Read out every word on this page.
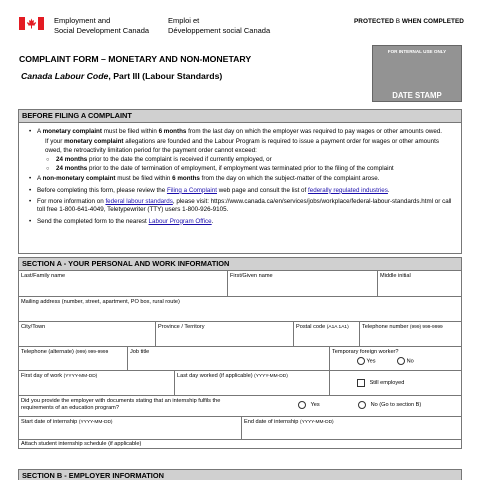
Employment and
Social Development Canada
Emploi et
Développement social Canada
PROTECTED B WHEN COMPLETED
COMPLAINT FORM – MONETARY AND NON-MONETARY
Canada Labour Code, Part III (Labour Standards)
FOR INTERNAL USE ONLY
DATE STAMP
BEFORE FILING A COMPLAINT
• A monetary complaint must be filed within 6 months from the last day on which the employer was required to pay wages or other amounts owed.
If your monetary complaint allegations are founded and the Labour Program is required to issue a payment order for wages or other amounts owed, the retroactivity limitation period for the payment order cannot exceed:
○ 24 months prior to the date the complaint is received if currently employed, or
○ 24 months prior to the date of termination of employment, if employment was terminated prior to the filing of the complaint
• A non-monetary complaint must be filed within 6 months from the day on which the subject-matter of the complaint arose.
• Before completing this form, please review the Filing a Complaint web page and consult the list of federally regulated industries.
• For more information on federal labour standards, please visit: https://www.canada.ca/en/services/jobs/workplace/federal-labour-standards.html or call toll free 1-800-641-4049, Teletypewriter (TTY) users 1-800-926-9105.
• Send the completed form to the nearest Labour Program Office.
SECTION A - YOUR PERSONAL AND WORK INFORMATION
Last/Family name	First/Given name	Middle initial
Mailing address (number, street, apartment, PO box, rural route)
City/Town	Province / Territory	Postal code (A1A 1A1)	Telephone number (999) 999-9999
Telephone (alternate) (999) 999-9999	Job title	Temporary foreign worker?
Yes	No
First day of work (YYYY-MM-DD)	Last day worked (if applicable) (YYYY-MM-DD)
Still employed
Did you provide the employer with documents stating that an internship fulfils the requirements of an education program?	Yes	No (Go to section B)
Start date of internship (YYYY-MM-DD)	End date of internship (YYYY-MM-DD)
Attach student internship schedule (if applicable)
SECTION B - EMPLOYER INFORMATION
